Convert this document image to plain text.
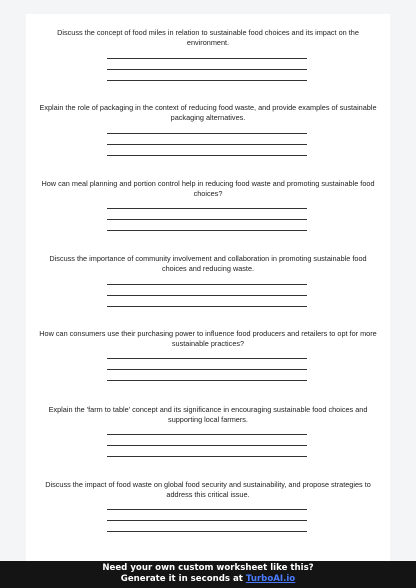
Discuss the concept of food miles in relation to sustainable food choices and its impact on the environment.
Explain the role of packaging in the context of reducing food waste, and provide examples of sustainable packaging alternatives.
How can meal planning and portion control help in reducing food waste and promoting sustainable food choices?
Discuss the importance of community involvement and collaboration in promoting sustainable food choices and reducing waste.
How can consumers use their purchasing power to influence food producers and retailers to opt for more sustainable practices?
Explain the 'farm to table' concept and its significance in encouraging sustainable food choices and supporting local farmers.
Discuss the impact of food waste on global food security and sustainability, and propose strategies to address this critical issue.
Need your own custom worksheet like this?
Generate it in seconds at TurboAI.io
